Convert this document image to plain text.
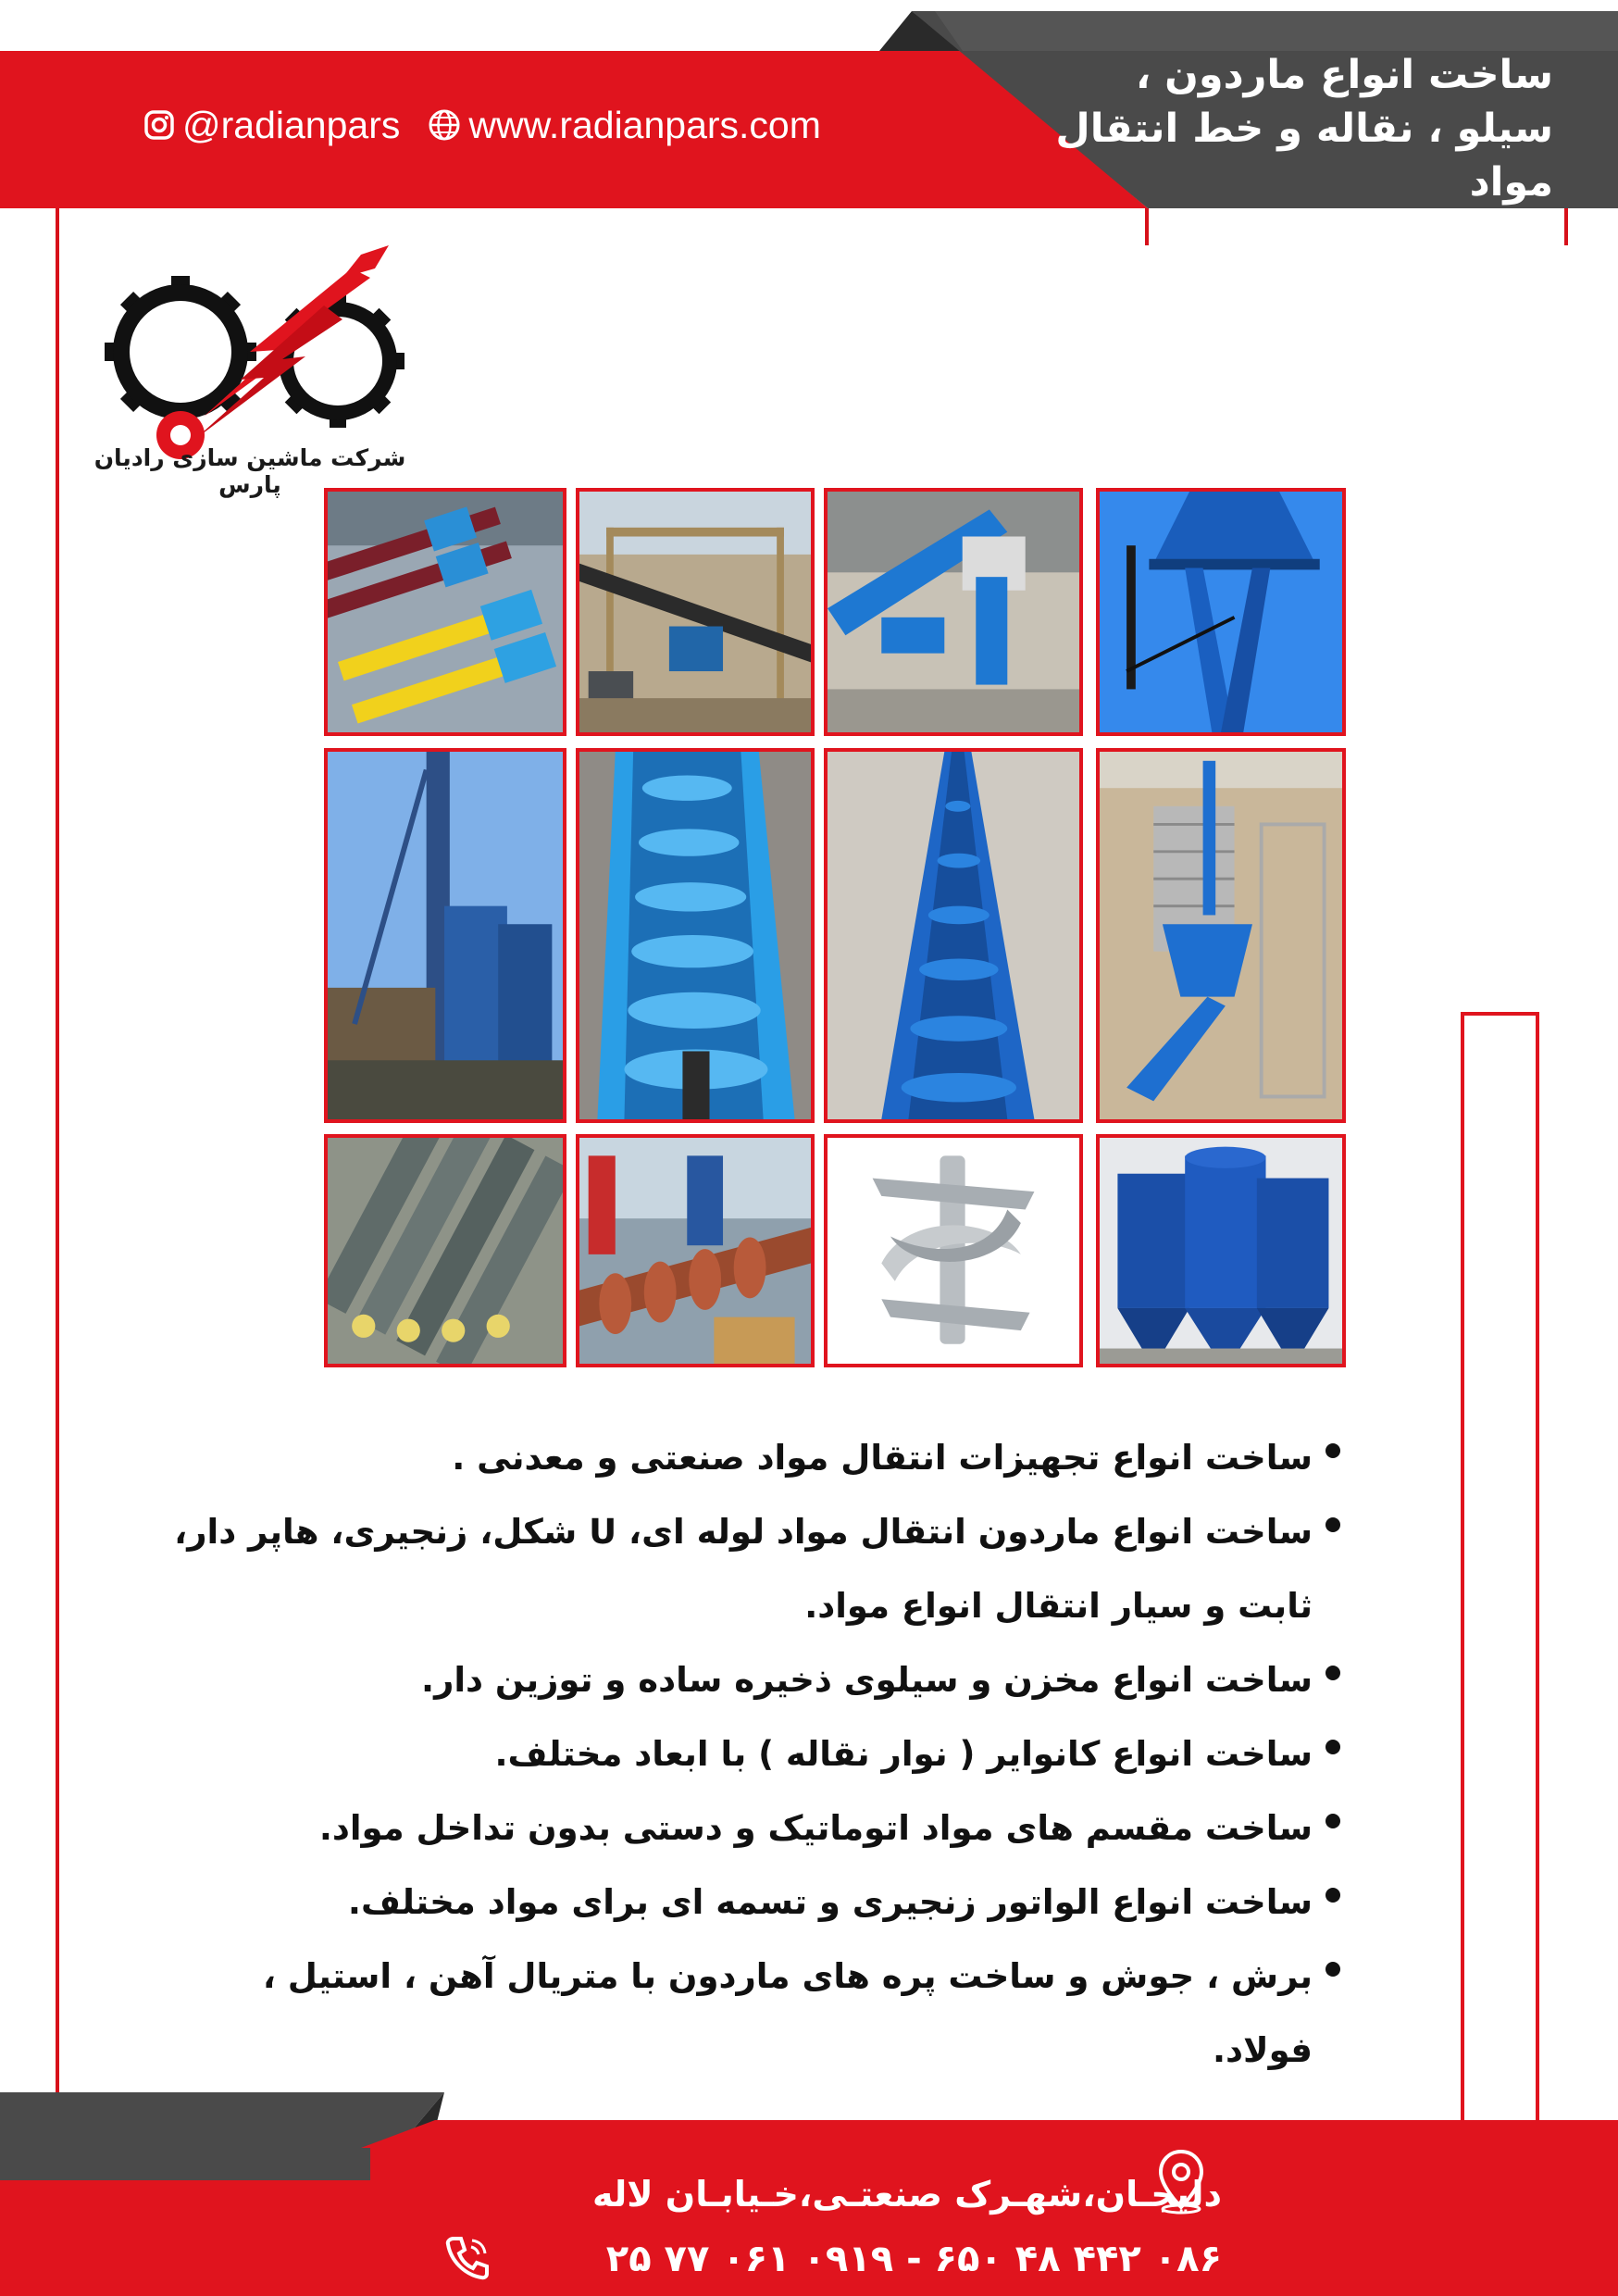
ساخت انواع ماردون ،
سیلو ، نقاله و خط انتقال مواد
@radianpars www.radianpars.com
شرکت ماشین سازی رادیان پارس
ساخت انواع تجهیزات انتقال مواد صنعتی و معدنی .
ساخت انواع ماردون انتقال مواد لوله ای، U شکل، زنجیری، هاپر دار، ثابت و سیار انتقال انواع مواد.
ساخت انواع مخزن و سیلوی ذخیره ساده و توزین دار.
ساخت انواع کانوایر ( نوار نقاله ) با ابعاد مختلف.
ساخت مقسم های مواد اتوماتیک و دستی بدون تداخل مواد.
ساخت انواع الواتور زنجیری و تسمه ای برای مواد مختلف.
برش ، جوش و ساخت پره های ماردون با متریال آهن ، استیل ، فولاد.
دلیجـان،شهـرک صنعتـی،خـیابـان لاله
۰۸۶ ۴۴۲ ۴۸ ۶۵۰ - ۰۹۱۹ ۰۶۱ ۷۷ ۲۵
